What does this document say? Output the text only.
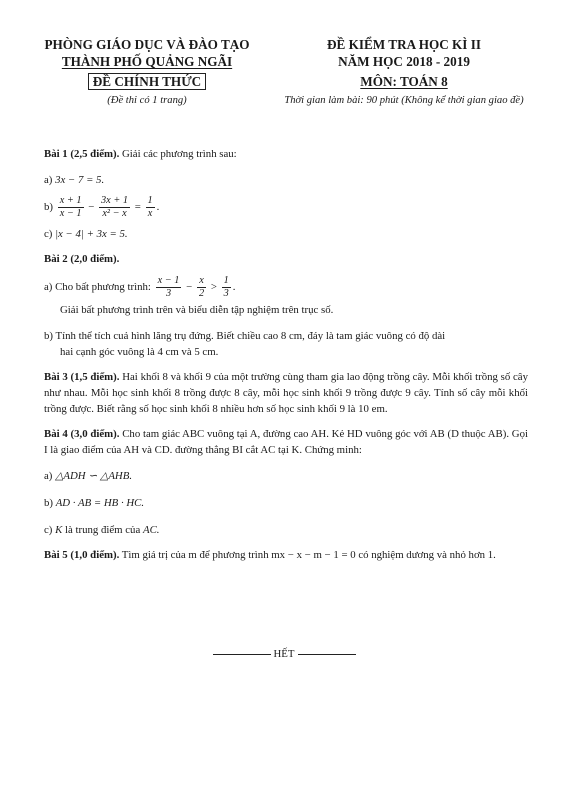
PHÒNG GIÁO DỤC VÀ ĐÀO TẠO
THÀNH PHỐ QUẢNG NGÃI
ĐỀ CHÍNH THỨC
(Đề thi có 1 trang)
ĐỀ KIỂM TRA HỌC KÌ II
NĂM HỌC 2018 - 2019
MÔN: TOÁN 8
Thời gian làm bài: 90 phút (Không kể thời gian giao đề)

Bài 1 (2,5 điểm). Giải các phương trình sau:

a) 3x − 7 = 5.

$b) \frac{x + 1}{x - 1} - \frac{3x + 1}{\text{x² − x}} = \frac{1}{x}$ .

c) |x − 4| + 3x = 5.

Bài 2 (2,0 điểm).

a) Cho bất phương trình: $\frac{x - 1}{3} - \frac{x}{2} > \frac{1}{3}$ .

Giải bất phương trình trên và biểu diễn tập nghiệm trên trục số.

b) Tính thể tích cuả hình lăng trụ đứng. Biết chiều cao 8 cm, đáy là tam giác vuông có độ dài

hai cạnh góc vuông là 4 cm và 5 cm.

Bài 3 (1,5 điểm). Hai khối 8 và khối 9 của một trường cùng tham gia lao động trồng cây. Mỗi khối trồng số cây như nhau. Mỗi học sinh khối 8 trồng được 8 cây, mỗi học sinh khối 9 trồng được 9 cây. Tính số cây mỗi khối trồng được. Biết rằng số học sinh khối 8 nhiều hơn số học sinh khối 9 là 10 em.

Bài 4 (3,0 điểm). Cho tam giác ABC vuông tại A, đường cao AH. Kẻ HD vuông góc với AB (D thuộc AB). Gọi I là giao điểm của AH và CD. đường thẳng BI cắt AC tại K. Chứng minh:

a) △ADH ∽ △AHB.

b) AD · AB = HB · HC.

c) K là trung điểm của AC.

Bài 5 (1,0 điểm). Tìm giá trị của m để phương trình mx − x − m − 1 = 0 có nghiệm dương và nhỏ hơn 1.

HẾT
